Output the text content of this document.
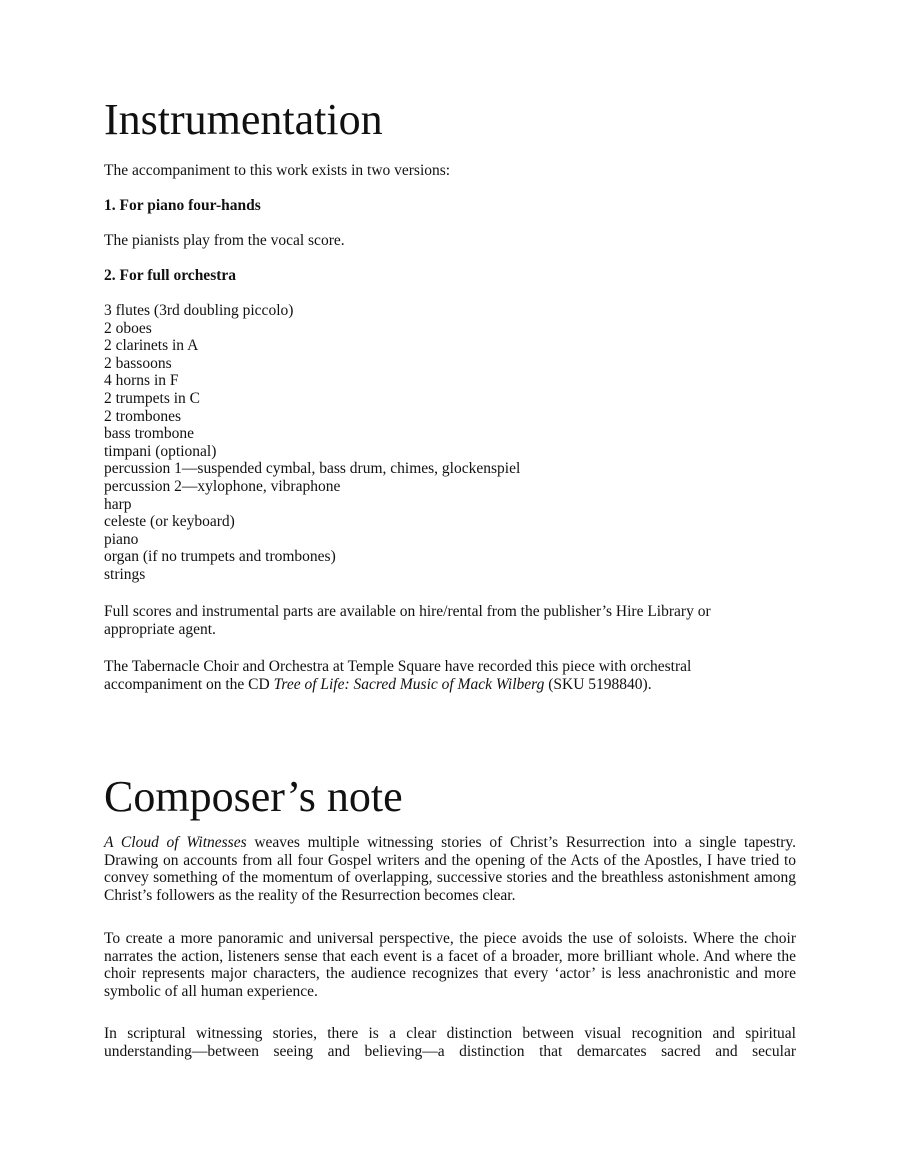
Instrumentation

The accompaniment to this work exists in two versions:

1. For piano four-hands

The pianists play from the vocal score.

2. For full orchestra

3 flutes (3rd doubling piccolo)
2 oboes
2 clarinets in A
2 bassoons
4 horns in F
2 trumpets in C
2 trombones
bass trombone
timpani (optional)
percussion 1—suspended cymbal, bass drum, chimes, glockenspiel
percussion 2—xylophone, vibraphone
harp
celeste (or keyboard)
piano
organ (if no trumpets and trombones)
strings

Full scores and instrumental parts are available on hire/rental from the publisher’s Hire Library or appropriate agent.

The Tabernacle Choir and Orchestra at Temple Square have recorded this piece with orchestral accompaniment on the CD Tree of Life: Sacred Music of Mack Wilberg (SKU 5198840).

Composer’s note

A Cloud of Witnesses weaves multiple witnessing stories of Christ’s Resurrection into a single tapestry. Drawing on accounts from all four Gospel writers and the opening of the Acts of the Apostles, I have tried to convey something of the momentum of overlapping, successive stories and the breathless astonishment among Christ’s followers as the reality of the Resurrection becomes clear.

To create a more panoramic and universal perspective, the piece avoids the use of soloists. Where the choir narrates the action, listeners sense that each event is a facet of a broader, more brilliant whole. And where the choir represents major characters, the audience recognizes that every ‘actor’ is less anachronistic and more symbolic of all human experience.

In scriptural witnessing stories, there is a clear distinction between visual recognition and spiritual understanding—between seeing and believing—a distinction that demarcates sacred and secular
